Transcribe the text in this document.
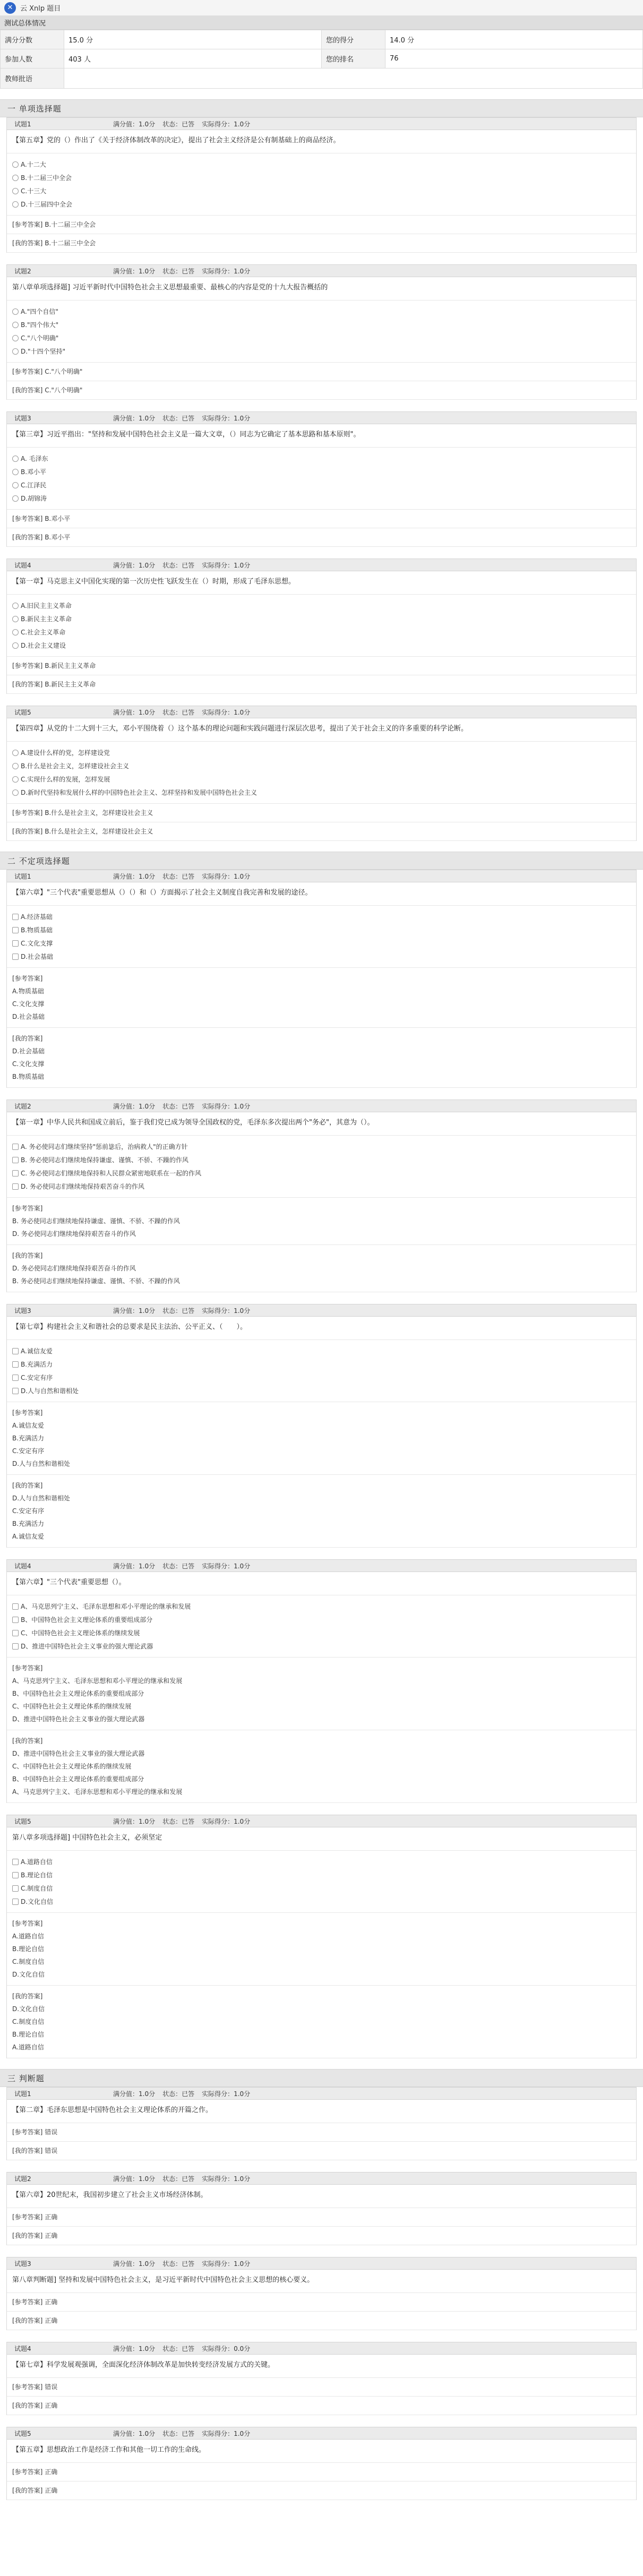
✕	云 Xnlp 题目
测试总体情况
满分分数	15.0 分	您的得分	14.0 分
参加人数	403 人	您的排名	76
教师批语			
一 单项选择题
试题1	满分值：1.0分 状态：已答 实际得分：1.0分
【第五章】党的（）作出了《关于经济体制改革的决定》，提出了社会主义经济是公有制基础上的商品经济。
A.十二大
B.十二届三中全会
C.十三大
D.十三届四中全会
[参考答案] B.十二届三中全会
[我的答案] B.十二届三中全会
试题2	满分值：1.0分 状态：已答 实际得分：1.0分
第八章单项选择题] 习近平新时代中国特色社会主义思想最重要、最核心的内容是党的十九大报告概括的
A."四个自信"
B."四个伟大"
C."八个明确"
D."十四个坚持"
[参考答案] C."八个明确"
[我的答案] C."八个明确"
试题3	满分值：1.0分 状态：已答 实际得分：1.0分
【第三章】习近平指出："坚持和发展中国特色社会主义是一篇大文章，（）同志为它确定了基本思路和基本原则"。
A. 毛泽东
B.邓小平
C.江泽民
D.胡锦涛
[参考答案] B.邓小平
[我的答案] B.邓小平
试题4	满分值：1.0分 状态：已答 实际得分：1.0分
【第一章】马克思主义中国化实现的第一次历史性飞跃发生在（）时期，形成了毛泽东思想。
A.旧民主主义革命
B.新民主主义革命
C.社会主义革命
D.社会主义建设
[参考答案] B.新民主主义革命
[我的答案] B.新民主主义革命
试题5	满分值：1.0分 状态：已答 实际得分：1.0分
【第四章】从党的十二大到十三大，邓小平围绕着（）这个基本的理论问题和实践问题进行深层次思考，提出了关于社会主义的许多重要的科学论断。
A.建设什么样的党，怎样建设党
B.什么是社会主义，怎样建设社会主义
C.实现什么样的发展，怎样发展
D.新时代坚持和发展什么样的中国特色社会主义、怎样坚持和发展中国特色社会主义
[参考答案] B.什么是社会主义，怎样建设社会主义
[我的答案] B.什么是社会主义，怎样建设社会主义
二 不定项选择题
试题1	满分值：1.0分 状态：已答 实际得分：1.0分
【第六章】"三个代表"重要思想从（）（）和（）方面揭示了社会主义制度自我完善和发展的途径。
A.经济基础
B.物质基础
C.文化支撑
D.社会基础
[参考答案]
A.物质基础
C.文化支撑
D.社会基础
[我的答案]
D.社会基础
C.文化支撑
B.物质基础
试题2	满分值：1.0分 状态：已答 实际得分：1.0分
【第一章】中华人民共和国成立前后，鉴于我们党已成为领导全国政权的党，毛泽东多次提出两个"务必"，其意为（）。
A. 务必使同志们继续坚持"惩前毖后，治病救人"的正确方针
B. 务必使同志们继续地保持谦虚、谨慎、不骄、不躁的作风
C. 务必使同志们继续地保持和人民群众紧密地联系在一起的作风
D. 务必使同志们继续地保持艰苦奋斗的作风
[参考答案]
B. 务必使同志们继续地保持谦虚、谨慎、不骄、不躁的作风
D. 务必使同志们继续地保持艰苦奋斗的作风
[我的答案]
D. 务必使同志们继续地保持艰苦奋斗的作风
B. 务必使同志们继续地保持谦虚、谨慎、不骄、不躁的作风
试题3	满分值：1.0分 状态：已答 实际得分：1.0分
【第七章】构建社会主义和谐社会的总要求是民主法治、公平正义、（　　）。
A.诚信友爱
B.充满活力
C.安定有序
D.人与自然和谐相处
[参考答案]
A.诚信友爱
B.充满活力
C.安定有序
D.人与自然和谐相处
[我的答案]
D.人与自然和谐相处
C.安定有序
B.充满活力
A.诚信友爱
试题4	满分值：1.0分 状态：已答 实际得分：1.0分
【第六章】"三个代表"重要思想（）。
A、马克思列宁主义、毛泽东思想和邓小平理论的继承和发展
B、中国特色社会主义理论体系的重要组成部分
C、中国特色社会主义理论体系的继续发展
D、推进中国特色社会主义事业的强大理论武器
[参考答案]
A、马克思列宁主义、毛泽东思想和邓小平理论的继承和发展
B、中国特色社会主义理论体系的重要组成部分
C、中国特色社会主义理论体系的继续发展
D、推进中国特色社会主义事业的强大理论武器
[我的答案]
D、推进中国特色社会主义事业的强大理论武器
C、中国特色社会主义理论体系的继续发展
B、中国特色社会主义理论体系的重要组成部分
A、马克思列宁主义、毛泽东思想和邓小平理论的继承和发展
试题5	满分值：1.0分 状态：已答 实际得分：1.0分
第八章多项选择题] 中国特色社会主义，必须坚定
A.道路自信
B.理论自信
C.制度自信
D.文化自信
[参考答案]
A.道路自信
B.理论自信
C.制度自信
D.文化自信
[我的答案]
D.文化自信
C.制度自信
B.理论自信
A.道路自信
三 判断题
试题1	满分值：1.0分 状态：已答 实际得分：1.0分
【第二章】毛泽东思想是中国特色社会主义理论体系的开篇之作。
[参考答案] 错误
[我的答案] 错误
试题2	满分值：1.0分 状态：已答 实际得分：1.0分
【第六章】20世纪末，我国初步建立了社会主义市场经济体制。
[参考答案] 正确
[我的答案] 正确
试题3	满分值：1.0分 状态：已答 实际得分：1.0分
第八章判断题] 坚持和发展中国特色社会主义，是习近平新时代中国特色社会主义思想的核心要义。
[参考答案] 正确
[我的答案] 正确
试题4	满分值：1.0分 状态：已答 实际得分：0.0分
【第七章】科学发展观强调，全面深化经济体制改革是加快转变经济发展方式的关键。
[参考答案] 错误
[我的答案] 正确
试题5	满分值：1.0分 状态：已答 实际得分：1.0分
【第五章】思想政治工作是经济工作和其他一切工作的生命线。
[参考答案] 正确
[我的答案] 正确
